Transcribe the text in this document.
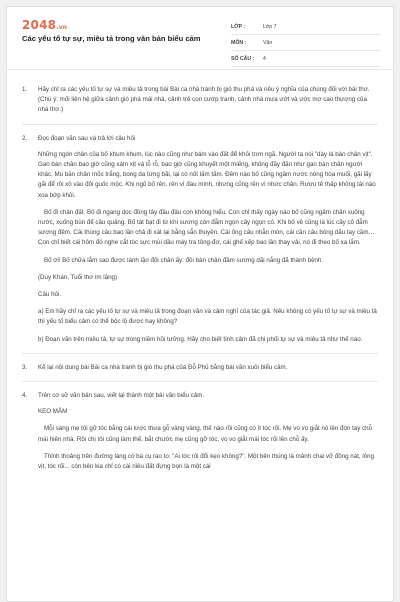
2048.vn
Các yếu tố tự sự, miêu tả trong văn bản biểu cảm
LỚP :	Lớp 7
MÔN :	Văn
SỐ CÂU :	4
1.	Hãy chỉ ra các yếu tố tự sự và miêu tả trong bài Bài ca nhà tranh bị gió thu phá và nêu ý nghĩa của chúng đối với bài thơ. (Chú ý: mối liên hệ giữa cảnh gió phá mái nhà, cảnh trẻ con cướp tranh, cảnh nhà mưa ướt và ước mơ cao thượng của nhà thơ.)
2.	Đọc đoạn văn sau và trả lời câu hỏi
Những ngón chân của bố khum khum, lúc nào cũng như bám vào đất để khỏi trơn ngã. Người ta nói "dày lá bàn chân vịt". Gan bàn chân bao giờ cũng xám xịt và lỗ rỗ, bao giờ cũng khuyết một miếng, không đầy đặn như gan bàn chân người khác. Mu bàn chân mốc trắng, bong da từng bãi, lại có nốt lấm tấm. Đêm nào bố cũng ngâm nước nóng hòa muối, gãi lấy gãi để rồi xỏ vào đôi guốc mộc. Khi ngủ bố rên, rên vì đau mình, nhưng cũng rên vì nhức chân. Rượu tê thấp không tài nào xoa bớp khỏi.
Bố đi chân đất. Bố đi ngang dọc đồng tây đầu đâu con không hiểu. Con chỉ thấy ngày nào bố cũng ngâm chân xuống nước, xuống bùn để câu quăng. Bố tát bạt đi từ khi sương còn đẫm ngọn cây ngọn cỏ. Khi bố về cũng là lúc cây cỏ đẫm sương đêm. Cái thùng câu bao lần chả đi xát lại bằng sẵn thuyền. Cái ống câu nhẫn mòn, cái cần câu bóng dấu tay cầm… Con chỉ biết cái hôm đó nghe cắt tóc sực mùi dầu máy tra tông-đơ, cái ghế xếp bao lần thay vải, nó đi theo bố xa lắm.
Bố ơi! Bố chữa lắm sao được lành lặn đôi chân ấy: đôi bàn chân đầm sương dãi nắng đã thành bệnh.
(Duy Khán, Tuổi thơ im lặng)
Câu hỏi.
a) Em hãy chỉ ra các yếu tố tự sự và miêu tả trong đoạn văn và cảm nghĩ của tác giả. Nếu không có yếu tố tự sự và miêu tả thì yếu tố biểu cảm có thể bộc lộ được hay không?
b) Đoạn văn trên miêu tả, tự sự trong niềm hồi tưởng. Hãy cho biết tình cảm đã chi phối tự sự và miêu tả như thế nào.
3.	Kể lại nội dung bài Bài ca nhà tranh bị gió thu phá của Đỗ Phủ bằng bài văn xuôi biểu cảm.
4.	Trên cơ sở văn bản sau, viết lại thành một bài văn biểu cảm.
KEO MẦM
Mỗi sáng mẹ tôi gỡ tóc bằng cái lược thưa gỗ vàng vàng, thế nào rồi cũng có ít tóc rối. Mẹ vo vo giắt nó lên đòn tay chỗ mái hiên nhà. Rồi chị tôi cũng làm thế, bắt chước mẹ cũng gỡ tóc, vo vo giắt mái tóc rối lên chỗ ấy.
Thỉnh thoảng trên đường làng có bà cụ rao to: "Ai tóc rối đổi kẹo không?". Một bên thúng là mảnh chai vỡ đồng nát, lông vịt, tóc rối... còn bên kia chỉ có cái niêu đất đựng bọn là một cái
